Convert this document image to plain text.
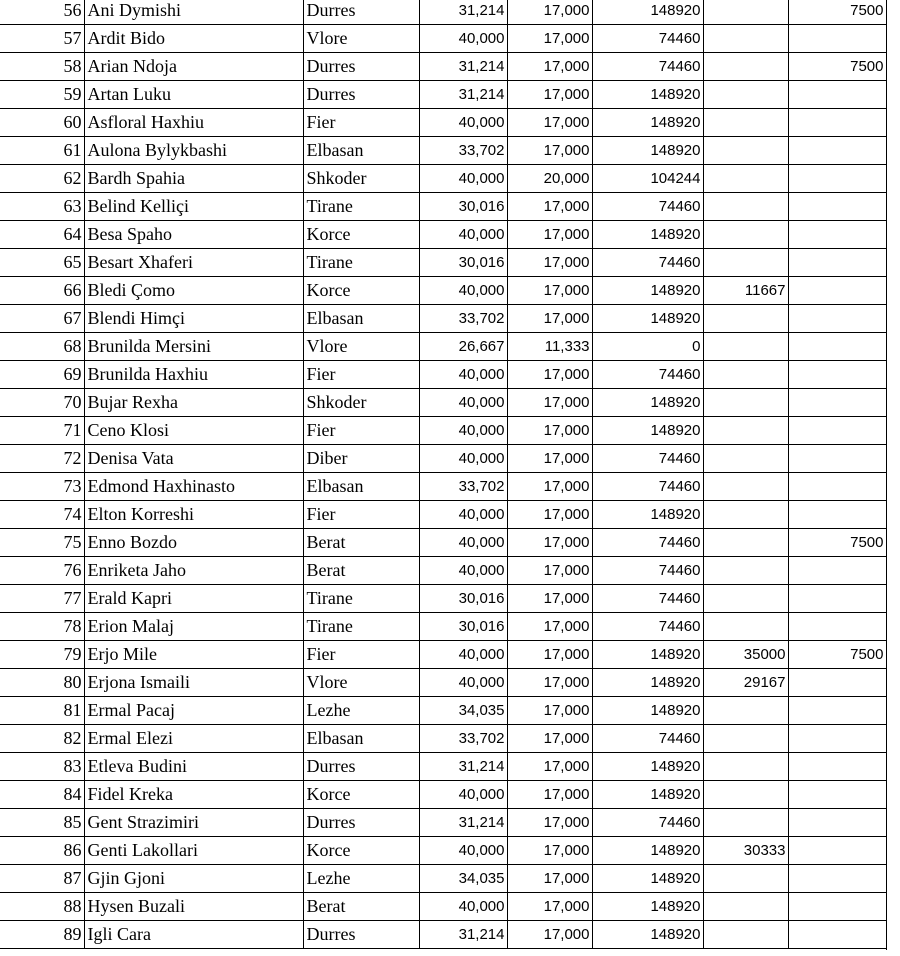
56	Ani Dymishi	Durres	31,214	17,000	148920		7500
57	Ardit Bido	Vlore	40,000	17,000	74460		
58	Arian Ndoja	Durres	31,214	17,000	74460		7500
59	Artan Luku	Durres	31,214	17,000	148920		
60	Asfloral Haxhiu	Fier	40,000	17,000	148920		
61	Aulona Bylykbashi	Elbasan	33,702	17,000	148920		
62	Bardh Spahia	Shkoder	40,000	20,000	104244		
63	Belind Kelliçi	Tirane	30,016	17,000	74460		
64	Besa Spaho	Korce	40,000	17,000	148920		
65	Besart Xhaferi	Tirane	30,016	17,000	74460		
66	Bledi Çomo	Korce	40,000	17,000	148920	11667	
67	Blendi Himçi	Elbasan	33,702	17,000	148920		
68	Brunilda Mersini	Vlore	26,667	11,333	0		
69	Brunilda Haxhiu	Fier	40,000	17,000	74460		
70	Bujar Rexha	Shkoder	40,000	17,000	148920		
71	Ceno Klosi	Fier	40,000	17,000	148920		
72	Denisa Vata	Diber	40,000	17,000	74460		
73	Edmond Haxhinasto	Elbasan	33,702	17,000	74460		
74	Elton Korreshi	Fier	40,000	17,000	148920		
75	Enno Bozdo	Berat	40,000	17,000	74460		7500
76	Enriketa Jaho	Berat	40,000	17,000	74460		
77	Erald Kapri	Tirane	30,016	17,000	74460		
78	Erion Malaj	Tirane	30,016	17,000	74460		
79	Erjo Mile	Fier	40,000	17,000	148920	35000	7500
80	Erjona Ismaili	Vlore	40,000	17,000	148920	29167	
81	Ermal Pacaj	Lezhe	34,035	17,000	148920		
82	Ermal Elezi	Elbasan	33,702	17,000	74460		
83	Etleva Budini	Durres	31,214	17,000	148920		
84	Fidel Kreka	Korce	40,000	17,000	148920		
85	Gent Strazimiri	Durres	31,214	17,000	74460		
86	Genti Lakollari	Korce	40,000	17,000	148920	30333	
87	Gjin Gjoni	Lezhe	34,035	17,000	148920		
88	Hysen Buzali	Berat	40,000	17,000	148920		
89	Igli Cara	Durres	31,214	17,000	148920		
